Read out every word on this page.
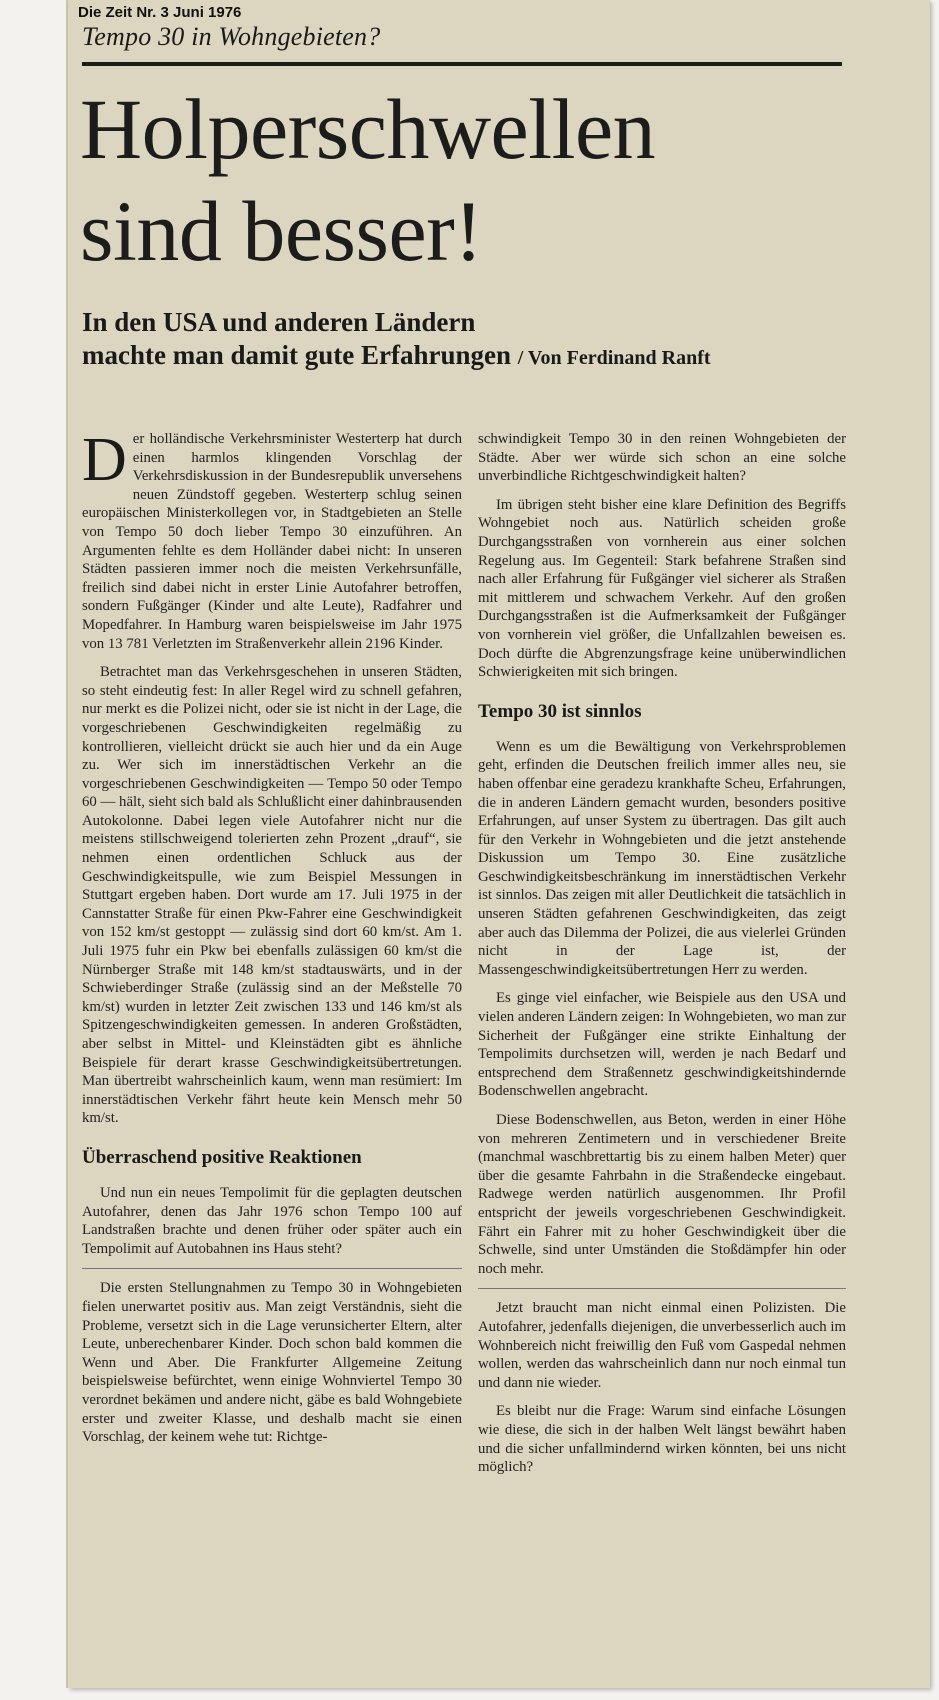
Die Zeit Nr. 3 Juni 1976
Tempo 30 in Wohngebieten?
Holperschwellen
sind besser!
In den USA und anderen Ländern
machte man damit gute Erfahrungen / Von Ferdinand Ranft

Der holländische Verkehrsminister Westerterp hat durch einen harmlos klingenden Vorschlag der Verkehrsdiskussion in der Bundesrepublik unversehens neuen Zündstoff gegeben. Westerterp schlug seinen europäischen Ministerkollegen vor, in Stadtgebieten an Stelle von Tempo 50 doch lieber Tempo 30 einzuführen. An Argumenten fehlte es dem Holländer dabei nicht: In unseren Städten passieren immer noch die meisten Verkehrsunfälle, freilich sind dabei nicht in erster Linie Autofahrer betroffen, sondern Fußgänger (Kinder und alte Leute), Radfahrer und Mopedfahrer. In Hamburg waren beispielsweise im Jahr 1975 von 13 781 Verletzten im Straßenverkehr allein 2196 Kinder.

Betrachtet man das Verkehrsgeschehen in unseren Städten, so steht eindeutig fest: In aller Regel wird zu schnell gefahren, nur merkt es die Polizei nicht, oder sie ist nicht in der Lage, die vorgeschriebenen Geschwindigkeiten regelmäßig zu kontrollieren, vielleicht drückt sie auch hier und da ein Auge zu. Wer sich im innerstädtischen Verkehr an die vorgeschriebenen Geschwindigkeiten — Tempo 50 oder Tempo 60 — hält, sieht sich bald als Schlußlicht einer dahinbrausenden Autokolonne. Dabei legen viele Autofahrer nicht nur die meistens stillschweigend tolerierten zehn Prozent „drauf“, sie nehmen einen ordentlichen Schluck aus der Geschwindigkeitspulle, wie zum Beispiel Messungen in Stuttgart ergeben haben. Dort wurde am 17. Juli 1975 in der Cannstatter Straße für einen Pkw-Fahrer eine Geschwindigkeit von 152 km/st gestoppt — zulässig sind dort 60 km/st. Am 1. Juli 1975 fuhr ein Pkw bei ebenfalls zulässigen 60 km/st die Nürnberger Straße mit 148 km/st stadtauswärts, und in der Schwieberdinger Straße (zulässig sind an der Meßstelle 70 km/st) wurden in letzter Zeit zwischen 133 und 146 km/st als Spitzengeschwindigkeiten gemessen. In anderen Großstädten, aber selbst in Mittel- und Kleinstädten gibt es ähnliche Beispiele für derart krasse Geschwindigkeitsübertretungen. Man übertreibt wahrscheinlich kaum, wenn man resümiert: Im innerstädtischen Verkehr fährt heute kein Mensch mehr 50 km/st.

Überraschend positive Reaktionen

Und nun ein neues Tempolimit für die geplagten deutschen Autofahrer, denen das Jahr 1976 schon Tempo 100 auf Landstraßen brachte und denen früher oder später auch ein Tempolimit auf Autobahnen ins Haus steht?

Die ersten Stellungnahmen zu Tempo 30 in Wohngebieten fielen unerwartet positiv aus. Man zeigt Verständnis, sieht die Probleme, versetzt sich in die Lage verunsicherter Eltern, alter Leute, unberechenbarer Kinder. Doch schon bald kommen die Wenn und Aber. Die Frankfurter Allgemeine Zeitung beispielsweise befürchtet, wenn einige Wohnviertel Tempo 30 verordnet bekämen und andere nicht, gäbe es bald Wohngebiete erster und zweiter Klasse, und deshalb macht sie einen Vorschlag, der keinem wehe tut: Richtge-

schwindigkeit Tempo 30 in den reinen Wohngebieten der Städte. Aber wer würde sich schon an eine solche unverbindliche Richtgeschwindigkeit halten?

Im übrigen steht bisher eine klare Definition des Begriffs Wohngebiet noch aus. Natürlich scheiden große Durchgangsstraßen von vornherein aus einer solchen Regelung aus. Im Gegenteil: Stark befahrene Straßen sind nach aller Erfahrung für Fußgänger viel sicherer als Straßen mit mittlerem und schwachem Verkehr. Auf den großen Durchgangsstraßen ist die Aufmerksamkeit der Fußgänger von vornherein viel größer, die Unfallzahlen beweisen es. Doch dürfte die Abgrenzungsfrage keine unüberwindlichen Schwierigkeiten mit sich bringen.

Tempo 30 ist sinnlos

Wenn es um die Bewältigung von Verkehrsproblemen geht, erfinden die Deutschen freilich immer alles neu, sie haben offenbar eine geradezu krankhafte Scheu, Erfahrungen, die in anderen Ländern gemacht wurden, besonders positive Erfahrungen, auf unser System zu übertragen. Das gilt auch für den Verkehr in Wohngebieten und die jetzt anstehende Diskussion um Tempo 30. Eine zusätzliche Geschwindigkeitsbeschränkung im innerstädtischen Verkehr ist sinnlos. Das zeigen mit aller Deutlichkeit die tatsächlich in unseren Städten gefahrenen Geschwindigkeiten, das zeigt aber auch das Dilemma der Polizei, die aus vielerlei Gründen nicht in der Lage ist, der Massengeschwindigkeitsübertretungen Herr zu werden.

Es ginge viel einfacher, wie Beispiele aus den USA und vielen anderen Ländern zeigen: In Wohngebieten, wo man zur Sicherheit der Fußgänger eine strikte Einhaltung der Tempolimits durchsetzen will, werden je nach Bedarf und entsprechend dem Straßennetz geschwindigkeitshindernde Bodenschwellen angebracht.

Diese Bodenschwellen, aus Beton, werden in einer Höhe von mehreren Zentimetern und in verschiedener Breite (manchmal waschbrettartig bis zu einem halben Meter) quer über die gesamte Fahrbahn in die Straßendecke eingebaut. Radwege werden natürlich ausgenommen. Ihr Profil entspricht der jeweils vorgeschriebenen Geschwindigkeit. Fährt ein Fahrer mit zu hoher Geschwindigkeit über die Schwelle, sind unter Umständen die Stoßdämpfer hin oder noch mehr.

Jetzt braucht man nicht einmal einen Polizisten. Die Autofahrer, jedenfalls diejenigen, die unverbesserlich auch im Wohnbereich nicht freiwillig den Fuß vom Gaspedal nehmen wollen, werden das wahrscheinlich dann nur noch einmal tun und dann nie wieder.

Es bleibt nur die Frage: Warum sind einfache Lösungen wie diese, die sich in der halben Welt längst bewährt haben und die sicher unfallmindernd wirken könnten, bei uns nicht möglich?
